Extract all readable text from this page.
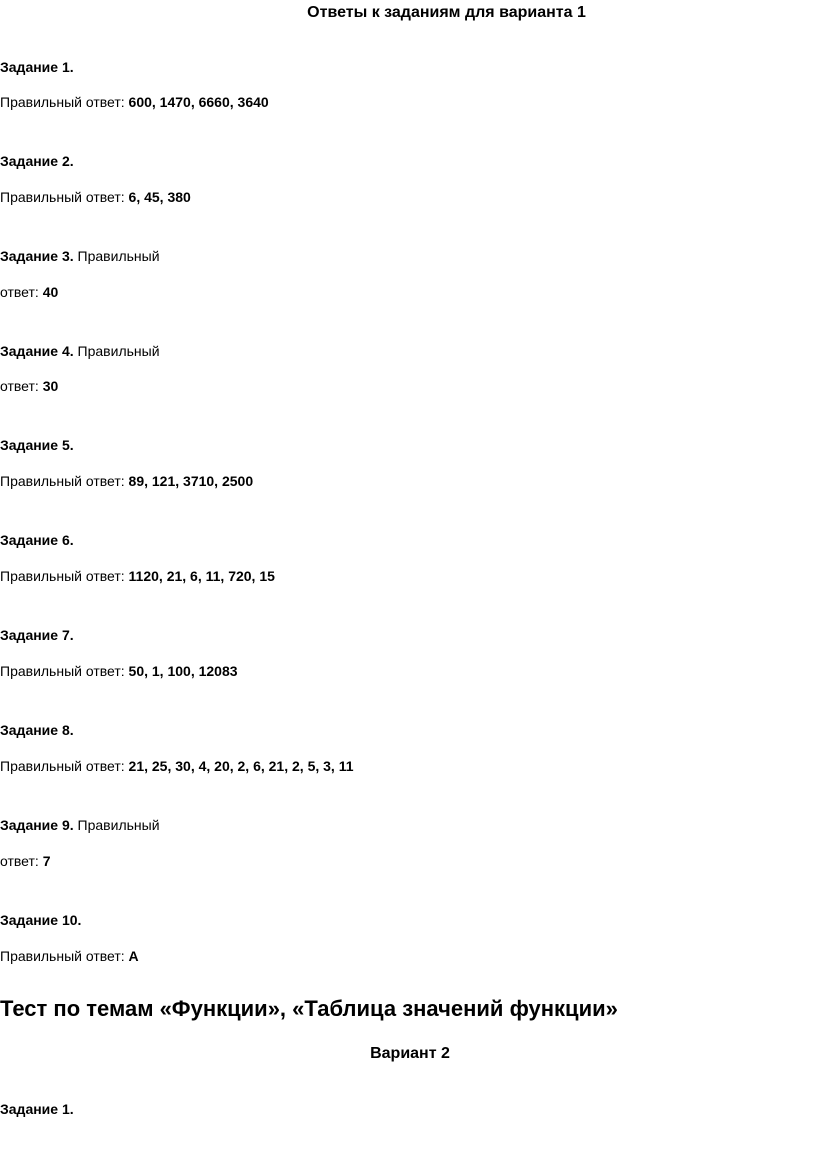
Ответы к заданиям для варианта 1
Задание 1.
Правильный ответ: 600, 1470, 6660, 3640
Задание 2.
Правильный ответ: 6, 45, 380
Задание 3. Правильный
ответ: 40
Задание 4. Правильный
ответ: 30
Задание 5.
Правильный ответ: 89, 121, 3710, 2500
Задание 6.
Правильный ответ: 1120, 21, 6, 11, 720, 15
Задание 7.
Правильный ответ: 50, 1, 100, 12083
Задание 8.
Правильный ответ: 21, 25, 30, 4, 20, 2, 6, 21, 2, 5, 3, 11
Задание 9. Правильный
ответ: 7
Задание 10.
Правильный ответ: А
Тест по темам «Функции», «Таблица значений функции»
Вариант 2
Задание 1.
